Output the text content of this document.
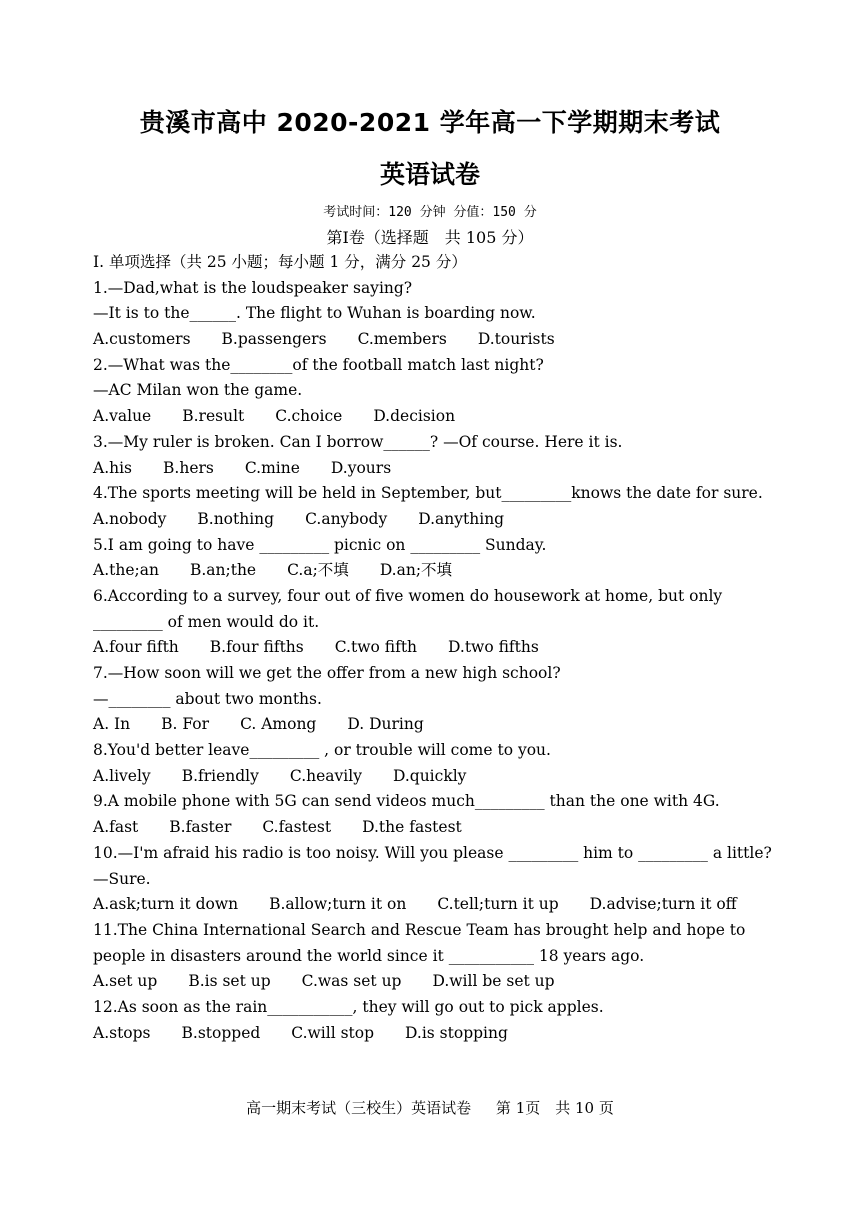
贵溪市高中 2020-2021 学年高一下学期期末考试
英语试卷
考试时间：120 分钟 分值：150 分
第Ⅰ卷（选择题　共 105 分）
I. 单项选择（共 25 小题；每小题 1 分，满分 25 分）
1.—Dad,what is the loudspeaker saying?
—It is to the______. The flight to Wuhan is boarding now.
A.customers B.passengers C.members D.tourists
2.—What was the________of the football match last night?
—AC Milan won the game.
A.value B.result C.choice D.decision
3.—My ruler is broken. Can I borrow______? —Of course. Here it is.
A.his B.hers C.mine D.yours
4.The sports meeting will be held in September, but_________knows the date for sure.
A.nobody B.nothing C.anybody D.anything
5.I am going to have _________ picnic on _________ Sunday.
A.the;an B.an;the C.a;不填 D.an;不填
6.According to a survey, four out of five women do housework at home, but only _________ of men would do it.
A.four fifth B.four fifths C.two fifth D.two fifths
7.—How soon will we get the offer from a new high school?
—________ about two months.
A. In B. For C. Among D. During
8.You'd better leave_________ , or trouble will come to you.
A.lively B.friendly C.heavily D.quickly
9.A mobile phone with 5G can send videos much_________ than the one with 4G.
A.fast B.faster C.fastest D.the fastest
10.—I'm afraid his radio is too noisy. Will you please _________ him to _________ a little?
—Sure.
A.ask;turn it down B.allow;turn it on C.tell;turn it up D.advise;turn it off
11.The China International Search and Rescue Team has brought help and hope to people in disasters around the world since it ___________ 18 years ago.
A.set up B.is set up C.was set up D.will be set up
12.As soon as the rain___________, they will go out to pick apples.
A.stops B.stopped C.will stop D.is stopping
高一期末考试（三校生）英语试卷 第 1页　共 10 页
